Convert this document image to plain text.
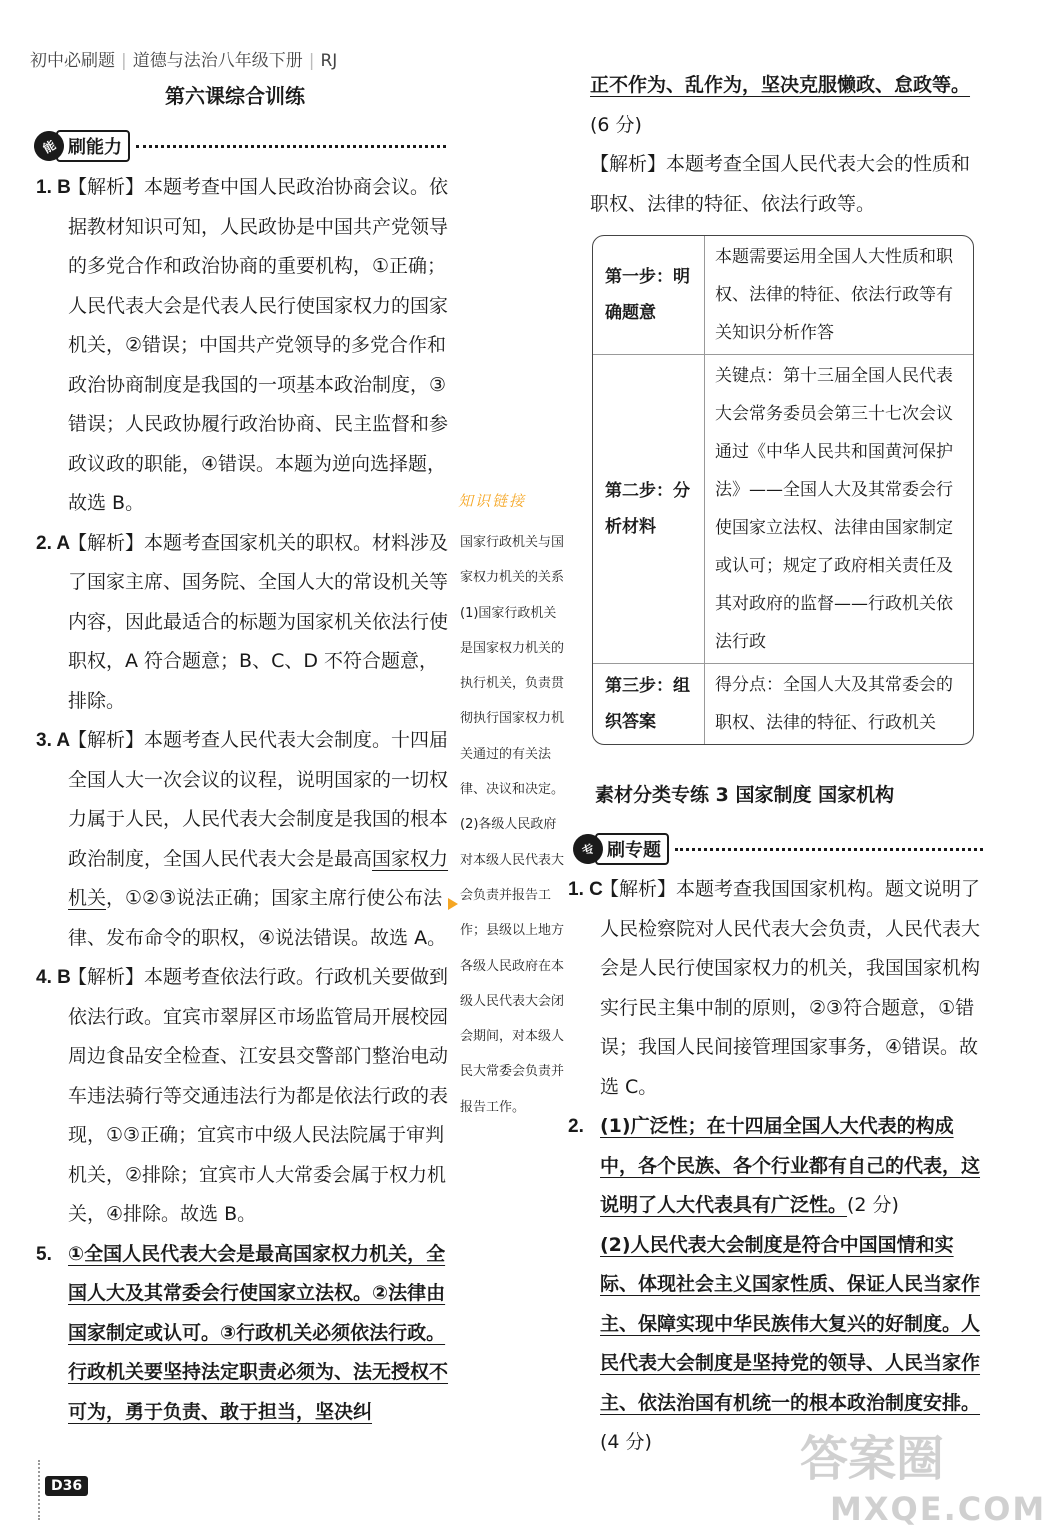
初中必刷题 | 道德与法治八年级下册 | RJ
第六课综合训练
能 刷能力
1. B
【解析】本题考查中国人民政治协商会议。依据教材知识可知，人民政协是中国共产党领导的多党合作和政治协商的重要机构，①正确；人民代表大会是代表人民行使国家权力的国家机关，②错误；中国共产党领导的多党合作和政治协商制度是我国的一项基本政治制度，③错误；人民政协履行政治协商、民主监督和参政议政的职能，④错误。本题为逆向选择题，故选 B。
2. A
【解析】本题考查国家机关的职权。材料涉及了国家主席、国务院、全国人大的常设机关等内容，因此最适合的标题为国家机关依法行使职权，A 符合题意；B、C、D 不符合题意，排除。
3. A
【解析】本题考查人民代表大会制度。十四届全国人大一次会议的议程，说明国家的一切权力属于人民，人民代表大会制度是我国的根本政治制度，全国人民代表大会是最高国家权力机关，①②③说法正确；国家主席行使公布法律、发布命令的职权，④说法错误。故选 A。
4. B
【解析】本题考查依法行政。行政机关要做到依法行政。宜宾市翠屏区市场监管局开展校园周边食品安全检查、江安县交警部门整治电动车违法骑行等交通违法行为都是依法行政的表现，①③正确；宜宾市中级人民法院属于审判机关，②排除；宜宾市人大常委会属于权力机关，④排除。故选 B。
5. ①全国人民代表大会是最高国家权力机关，全国人大及其常委会行使国家立法权。②法律由国家制定或认可。③行政机关必须依法行政。行政机关要坚持法定职责必须为、法无授权不可为，勇于负责、敢于担当，坚决纠
知识链接
国家行政机关与国家权力机关的关系 (1)国家行政机关是国家权力机关的执行机关，负责贯彻执行国家权力机关通过的有关法律、决议和决定。(2)各级人民政府对本级人民代表大会负责并报告工作；县级以上地方各级人民政府在本级人民代表大会闭会期间，对本级人民大常委会负责并报告工作。
正不作为、乱作为，坚决克服懒政、怠政等。
(6 分)
【解析】本题考查全国人民代表大会的性质和职权、法律的特征、依法行政等。
第一步：明确题意	本题需要运用全国人大性质和职权、法律的特征、依法行政等有关知识分析作答
第二步：分析材料	关键点：第十三届全国人民代表大会常务委员会第三十七次会议通过《中华人民共和国黄河保护法》——全国人大及其常委会行使国家立法权、法律由国家制定或认可；规定了政府相关责任及其对政府的监督——行政机关依法行政
第三步：组织答案	得分点：全国人大及其常委会的职权、法律的特征、行政机关
素材分类专练 3 国家制度 国家机构
专 刷专题
1. C
【解析】本题考查我国国家机构。题文说明了人民检察院对人民代表大会负责，人民代表大会是人民行使国家权力的机关，我国国家机构实行民主集中制的原则，②③符合题意，①错误；我国人民间接管理国家事务，④错误。故选 C。
2. (1)广泛性；在十四届全国人大代表的构成中，各个民族、各个行业都有自己的代表，这说明了人大代表具有广泛性。(2 分)
(2)人民代表大会制度是符合中国国情和实际、体现社会主义国家性质、保证人民当家作主、保障实现中华民族伟大复兴的好制度。人民代表大会制度是坚持党的领导、人民当家作主、依法治国有机统一的根本政治制度安排。(4 分)
D36	答案圈
MXQE.COM
